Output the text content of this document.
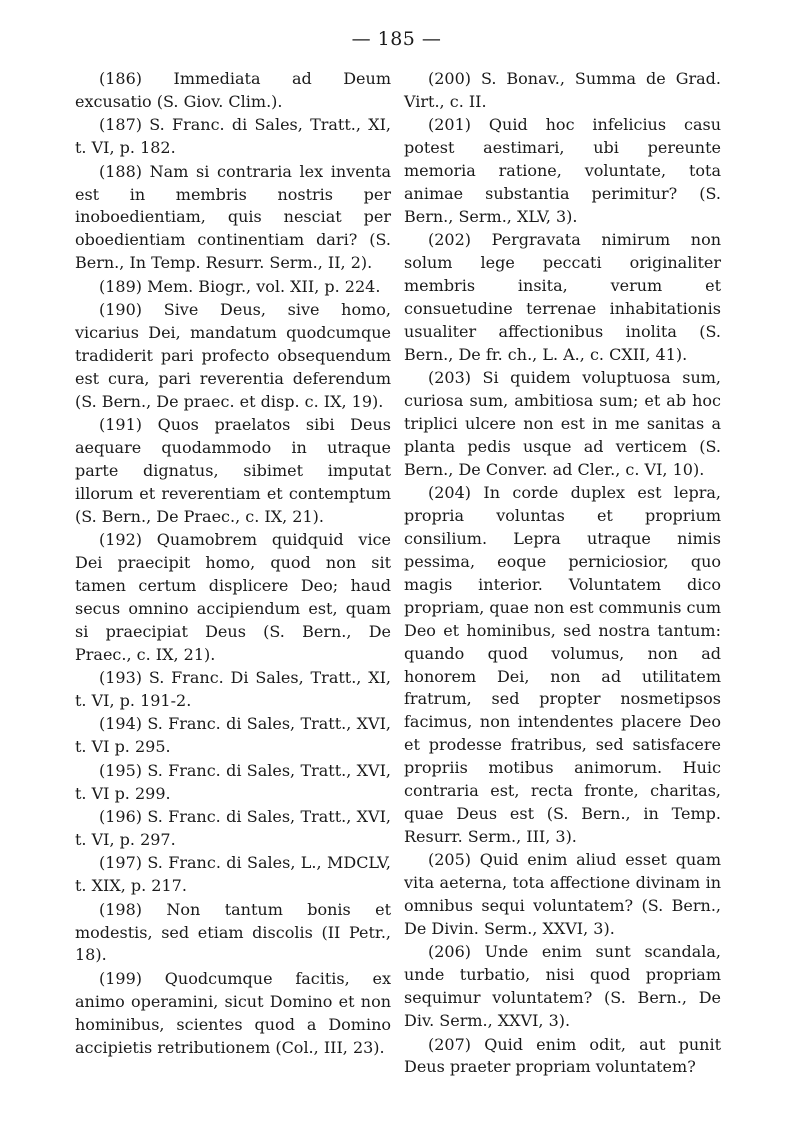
— 185 —

(186) Immediata ad Deum excusatio (S. Giov. Clim.).

(187) S. Franc. di Sales, Tratt., XI, t. VI, p. 182.

(188) Nam si contraria lex inventa est in membris nostris per inoboedientiam, quis nesciat per oboedientiam continentiam dari? (S. Bern., In Temp. Resurr. Serm., II, 2).

(189) Mem. Biogr., vol. XII, p. 224.

(190) Sive Deus, sive homo, vicarius Dei, mandatum quodcumque tradiderit pari profecto obsequendum est cura, pari reverentia deferendum (S. Bern., De praec. et disp. c. IX, 19).

(191) Quos praelatos sibi Deus aequare quodammodo in utraque parte dignatus, sibimet imputat illorum et reverentiam et contemptum (S. Bern., De Praec., c. IX, 21).

(192) Quamobrem quidquid vice Dei praecipit homo, quod non sit tamen certum displicere Deo; haud secus omnino accipiendum est, quam si praecipiat Deus (S. Bern., De Praec., c. IX, 21).

(193) S. Franc. Di Sales, Tratt., XI, t. VI, p. 191-2.

(194) S. Franc. di Sales, Tratt., XVI, t. VI p. 295.

(195) S. Franc. di Sales, Tratt., XVI, t. VI p. 299.

(196) S. Franc. di Sales, Tratt., XVI, t. VI, p. 297.

(197) S. Franc. di Sales, L., MDCLV, t. XIX, p. 217.

(198) Non tantum bonis et modestis, sed etiam discolis (II Petr., 18).

(199) Quodcumque facitis, ex animo operamini, sicut Domino et non hominibus, scientes quod a Domino accipietis retributionem (Col., III, 23).

(200) S. Bonav., Summa de Grad. Virt., c. II.

(201) Quid hoc infelicius casu potest aestimari, ubi pereunte memoria ratione, voluntate, tota animae substantia perimitur? (S. Bern., Serm., XLV, 3).

(202) Pergravata nimirum non solum lege peccati originaliter membris insita, verum et consuetudine terrenae inhabitationis usualiter affectionibus inolita (S. Bern., De fr. ch., L. A., c. CXII, 41).

(203) Si quidem voluptuosa sum, curiosa sum, ambitiosa sum; et ab hoc triplici ulcere non est in me sanitas a planta pedis usque ad verticem (S. Bern., De Conver. ad Cler., c. VI, 10).

(204) In corde duplex est lepra, propria voluntas et proprium consilium. Lepra utraque nimis pessima, eoque perniciosior, quo magis interior. Voluntatem dico propriam, quae non est communis cum Deo et hominibus, sed nostra tantum: quando quod volumus, non ad honorem Dei, non ad utilitatem fratrum, sed propter nosmetipsos facimus, non intendentes placere Deo et prodesse fratribus, sed satisfacere propriis motibus animorum. Huic contraria est, recta fronte, charitas, quae Deus est (S. Bern., in Temp. Resurr. Serm., III, 3).

(205) Quid enim aliud esset quam vita aeterna, tota affectione divinam in omnibus sequi voluntatem? (S. Bern., De Divin. Serm., XXVI, 3).

(206) Unde enim sunt scandala, unde turbatio, nisi quod propriam sequimur voluntatem? (S. Bern., De Div. Serm., XXVI, 3).

(207) Quid enim odit, aut punit Deus praeter propriam voluntatem?
